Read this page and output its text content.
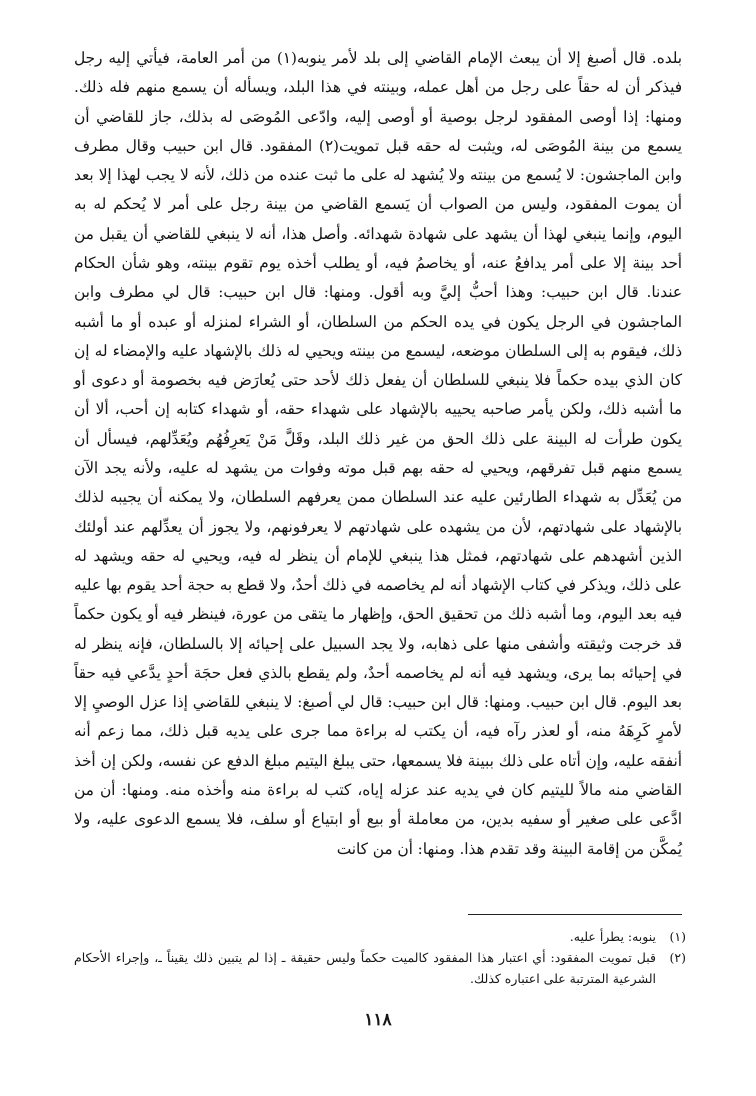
بلده. قال أصبغ إلا أن يبعث الإمام القاضي إلى بلد لأمر ينوبه(١) من أمر العامة، فيأتي إليه رجل فيذكر أن له حقاً على رجل من أهل عمله، وبينته في هذا البلد، ويسأله أن يسمع منهم فله ذلك. ومنها: إذا أوصى المفقود لرجل بوصية أو أوصى إليه، وادّعى المُوصَى له بذلك، جاز للقاضي أن يسمع من بينة المُوصَى له، ويثبت له حقه قبل تمويت(٢) المفقود. قال ابن حبيب وقال مطرف وابن الماجشون: لا يُسمع من بينته ولا يُشهد له على ما ثبت عنده من ذلك، لأنه لا يجب لهذا إلا بعد أن يموت المفقود، وليس من الصواب أن يَسمع القاضي من بينة رجل على أمر لا يُحكم له به اليوم، وإنما ينبغي لهذا أن يشهد على شهادة شهدائه. وأصل هذا، أنه لا ينبغي للقاضي أن يقبل من أحد بينة إلا على أمر يدافعُ عنه، أو يخاصمُ فيه، أو يطلب أخذه يوم تقوم بينته، وهو شأن الحكام عندنا. قال ابن حبيب: وهذا أحبُّ إليَّ وبه أقول. ومنها: قال ابن حبيب: قال لي مطرف وابن الماجشون في الرجل يكون في يده الحكم من السلطان، أو الشراء لمنزله أو عبده أو ما أشبه ذلك، فيقوم به إلى السلطان موضعه، ليسمع من بينته ويحيي له ذلك بالإشهاد عليه والإمضاء له إن كان الذي بيده حكماً فلا ينبغي للسلطان أن يفعل ذلك لأحد حتى يُعارَض فيه بخصومة أو دعوى أو ما أشبه ذلك، ولكن يأمر صاحبه يحييه بالإشهاد على شهداء حقه، أو شهداء كتابه إن أحب، ألا أن يكون طرأت له البينة على ذلك الحق من غير ذلك البلد، وقَلَّ مَنْ يَعرِفُهُم ويُعَدِّلهم، فيسأل أن يسمع منهم قبل تفرقهم، ويحيي له حقه بهم قبل موته وفوات من يشهد له عليه، ولأنه يجد الآن من يُعَدِّل به شهداء الطارئين عليه عند السلطان ممن يعرفهم السلطان، ولا يمكنه أن يجيبه لذلك بالإشهاد على شهادتهم، لأن من يشهده على شهادتهم لا يعرفونهم، ولا يجوز أن يعدِّلهم عند أولئك الذين أشهدهم على شهادتهم، فمثل هذا ينبغي للإمام أن ينظر له فيه، ويحيي له حقه ويشهد له على ذلك، ويذكر في كتاب الإشهاد أنه لم يخاصمه في ذلك أحدٌ، ولا قطع به حجة أحد يقوم بها عليه فيه بعد اليوم، وما أشبه ذلك من تحقيق الحق، وإظهار ما يتقى من عورة، فينظر فيه أو يكون حكماً قد خرجت وثيقته وأشفى منها على ذهابه، ولا يجد السبيل على إحيائه إلا بالسلطان، فإنه ينظر له في إحيائه بما يرى، ويشهد فيه أنه لم يخاصمه أحدٌ، ولم يقطع بالذي فعل حجَة أحدٍ يدَّعي فيه حقاً بعد اليوم. قال ابن حبيب. ومنها: قال ابن حبيب: قال لي أصبغ: لا ينبغي للقاضي إذا عزل الوصيِ إلا لأمرٍ كَرِهَهُ منه، أو لعذر رآه فيه، أن يكتب له براءة مما جرى على يديه قبل ذلك، مما زعم أنه أنفقه عليه، وإن أتاه على ذلك ببينة فلا يسمعها، حتى يبلغ اليتيم مبلغ الدفع عن نفسه، ولكن إن أخذ القاضي منه مالاً لليتيم كان في يديه عند عزله إياه، كتب له براءة منه وأخذه منه. ومنها: أن من ادَّعى على صغير أو سفيه بدين، من معاملة أو بيع أو ابتياع أو سلف، فلا يسمع الدعوى عليه، ولا يُمكَّن من إقامة البينة وقد تقدم هذا. ومنها: أن من كانت

(١)
ينوبه: يطرأ عليه.
(٢)
قبل تمويت المفقود: أي اعتبار هذا المفقود كالميت حكماً وليس حقيقة ـ إذا لم يتبين ذلك يقيناً ـ، وإجراء الأحكام الشرعية المترتبة على اعتباره كذلك.
١١٨
